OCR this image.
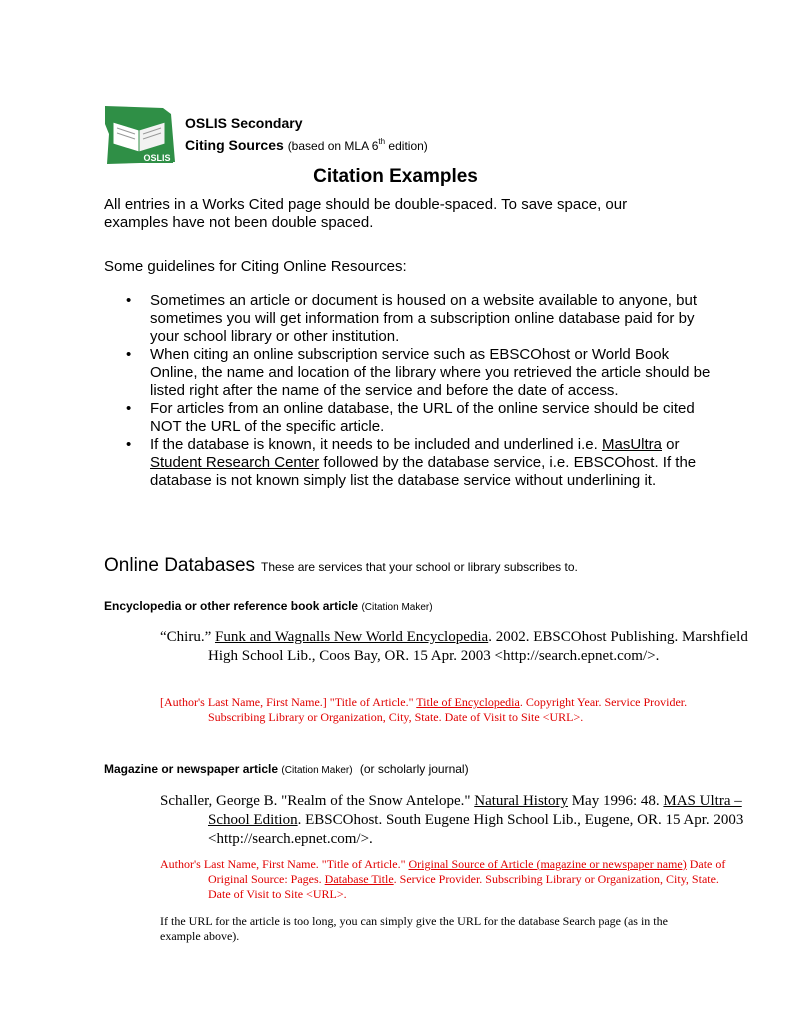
OSLIS
OSLIS Secondary
Citing Sources (based on MLA 6th edition)
Citation Examples

All entries in a Works Cited page should be double-spaced. To save space, our examples have not been double spaced.

Some guidelines for Citing Online Resources:

• Sometimes an article or document is housed on a website available to anyone, but sometimes you will get information from a subscription online database paid for by your school library or other institution.
• When citing an online subscription service such as EBSCOhost or World Book Online, the name and location of the library where you retrieved the article should be listed right after the name of the service and before the date of access.
• For articles from an online database, the URL of the online service should be cited NOT the URL of the specific article.
• If the database is known, it needs to be included and underlined i.e. MasUltra or Student Research Center followed by the database service, i.e. EBSCOhost. If the database is not known simply list the database service without underlining it.
Online Databases These are services that your school or library subscribes to.
Encyclopedia or other reference book article (Citation Maker)

“Chiru.” Funk and Wagnalls New World Encyclopedia. 2002. EBSCOhost Publishing. Marshfield High School Lib., Coos Bay, OR. 15 Apr. 2003 <http://search.epnet.com/>.

[Author's Last Name, First Name.] "Title of Article." Title of Encyclopedia. Copyright Year. Service Provider. Subscribing Library or Organization, City, State. Date of Visit to Site <URL>.

Magazine or newspaper article (Citation Maker) (or scholarly journal)

Schaller, George B. "Realm of the Snow Antelope." Natural History May 1996: 48. MAS Ultra – School Edition. EBSCOhost. South Eugene High School Lib., Eugene, OR. 15 Apr. 2003 <http://search.epnet.com/>.

Author's Last Name, First Name. "Title of Article." Original Source of Article (magazine or newspaper name) Date of Original Source: Pages. Database Title. Service Provider. Subscribing Library or Organization, City, State. Date of Visit to Site <URL>.

If the URL for the article is too long, you can simply give the URL for the database Search page (as in the example above).
